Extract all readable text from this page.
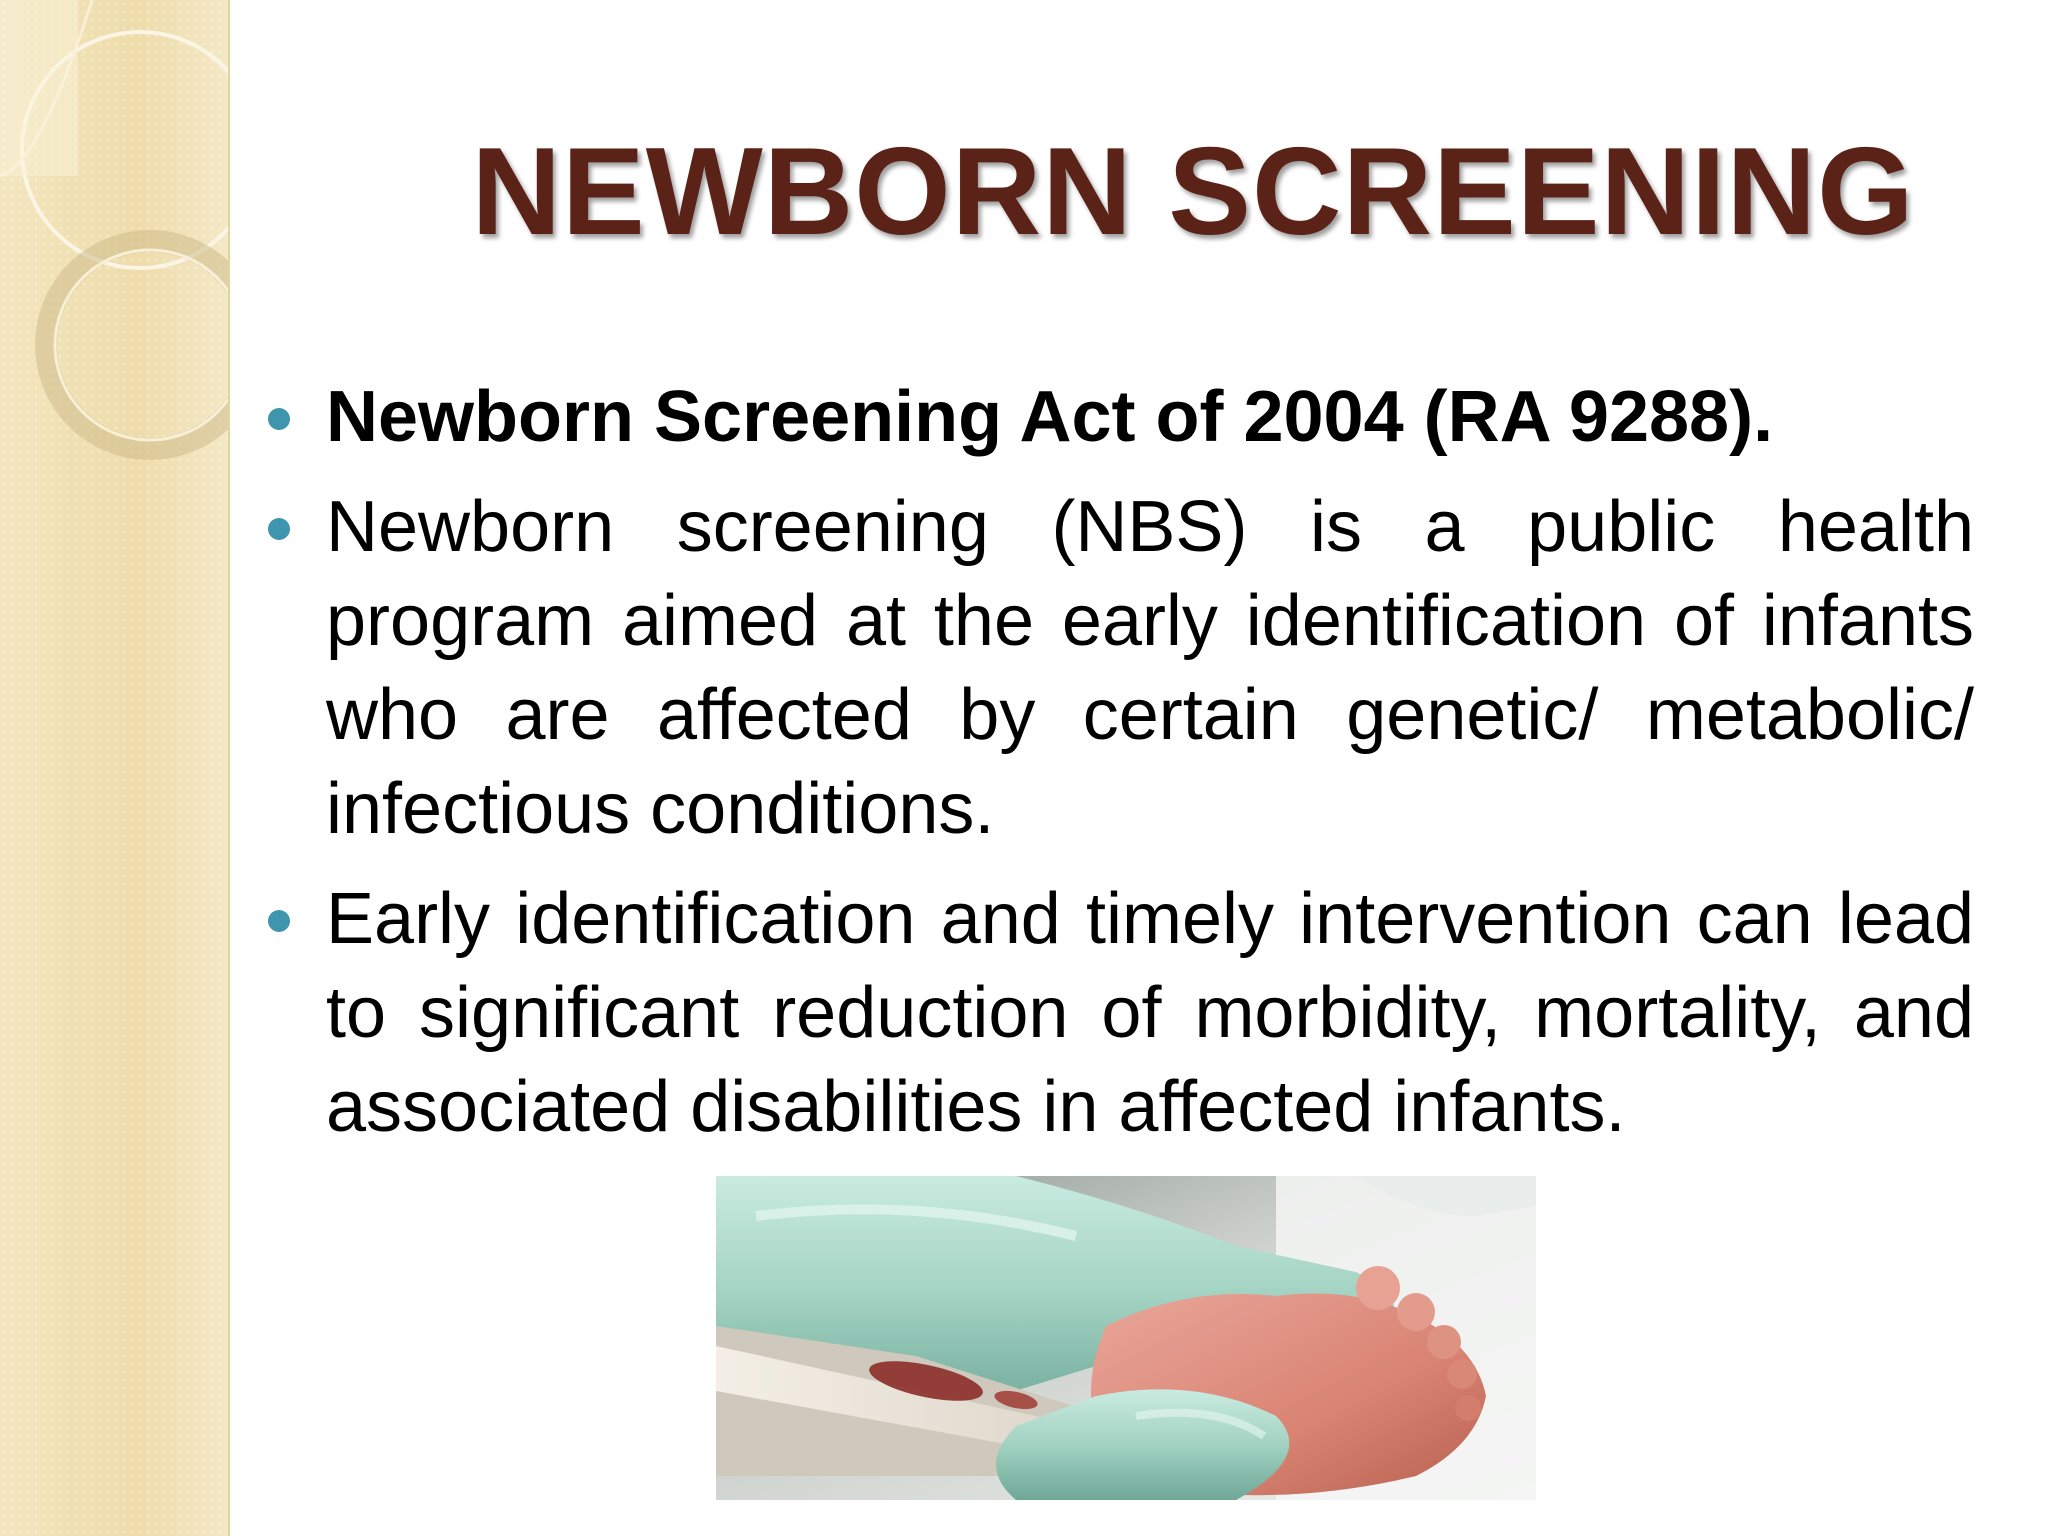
NEWBORN SCREENING
Newborn Screening Act of 2004 (RA 9288).
Newborn screening (NBS) is a public health program aimed at the early identification of infants who are affected by certain genetic/ metabolic/ infectious conditions.
Early identification and timely intervention can lead to significant reduction of morbidity, mortality, and associated disabilities in affected infants.
